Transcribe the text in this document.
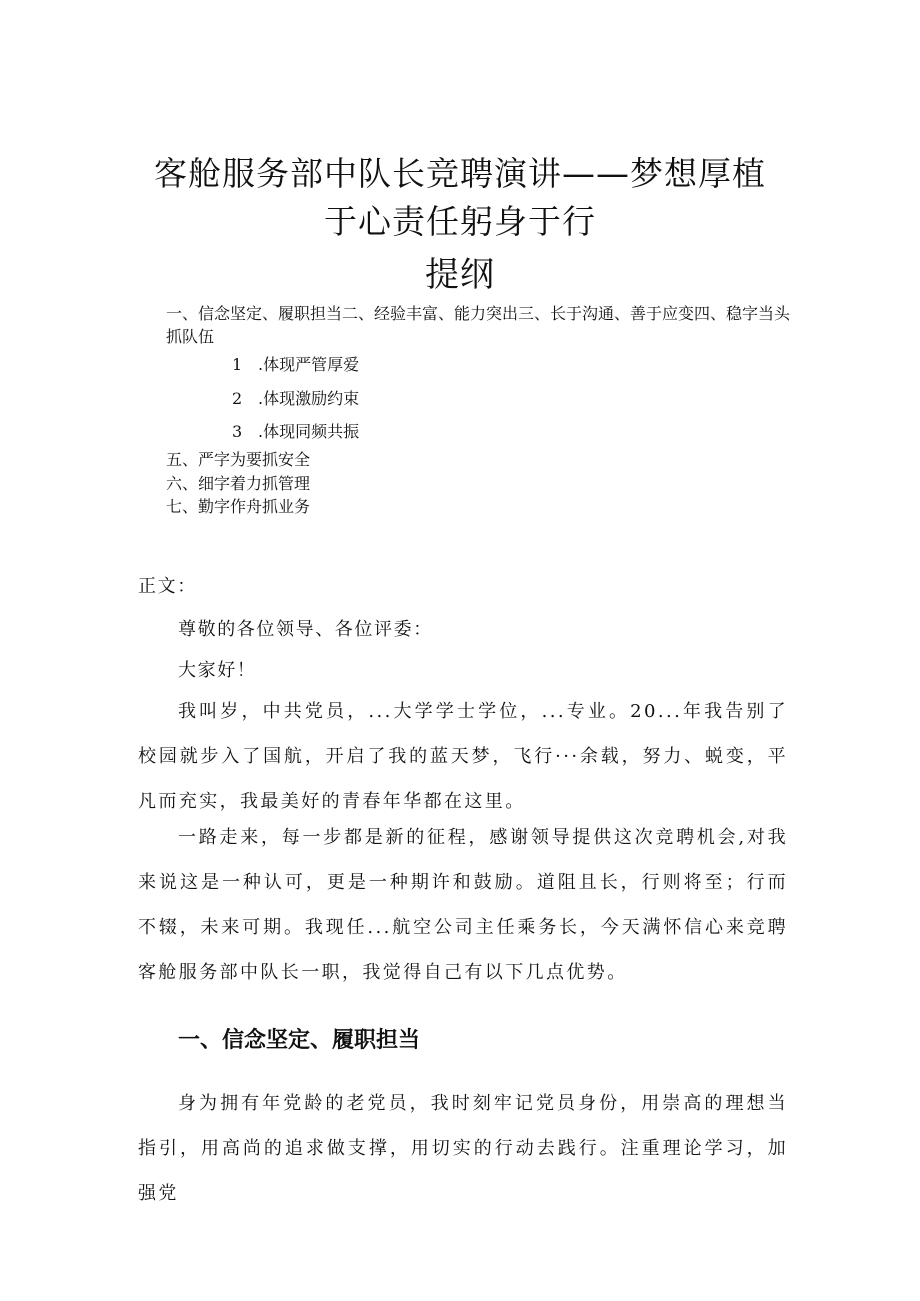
客舱服务部中队长竞聘演讲——梦想厚植
于心责任躬身于行
提纲
一、信念坚定、履职担当二、经验丰富、能力突出三、长于沟通、善于应变四、稳字当头抓队伍
1 .体现严管厚爱
2 .体现激励约束
3 .体现同频共振
五、严字为要抓安全
六、细字着力抓管理
七、勤字作舟抓业务
正文：
尊敬的各位领导、各位评委：
大家好！

我叫岁，中共党员，...大学学士学位，...专业。20...年我告别了校园就步入了国航，开启了我的蓝天梦，飞行···余载，努力、蜕变，平凡而充实，我最美好的青春年华都在这里。

一路走来，每一步都是新的征程，感谢领导提供这次竞聘机会,对我来说这是一种认可，更是一种期许和鼓励。道阻且长，行则将至；行而不辍，未来可期。我现任...航空公司主任乘务长，今天满怀信心来竞聘客舱服务部中队长一职，我觉得自己有以下几点优势。

一、信念坚定、履职担当

身为拥有年党龄的老党员，我时刻牢记党员身份，用崇高的理想当指引，用高尚的追求做支撑，用切实的行动去践行。注重理论学习，加强党
